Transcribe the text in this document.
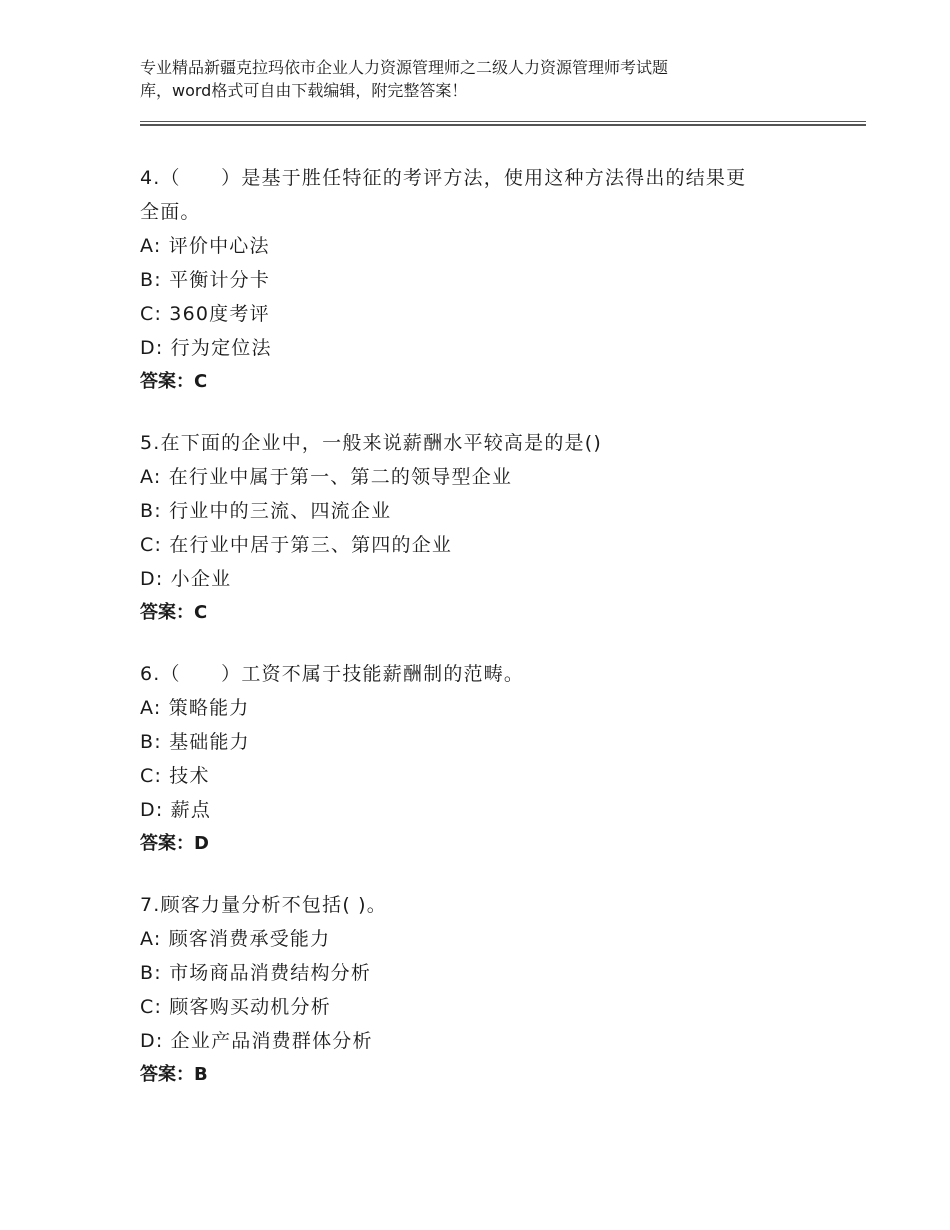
专业精品新疆克拉玛依市企业人力资源管理师之二级人力资源管理师考试题
库，word格式可自由下载编辑，附完整答案！
4.（　　）是基于胜任特征的考评方法，使用这种方法得出的结果更
全面。
A: 评价中心法
B: 平衡计分卡
C: 360度考评
D: 行为定位法
答案：C
5.在下面的企业中，一般来说薪酬水平较高是的是()
A: 在行业中属于第一、第二的领导型企业
B: 行业中的三流、四流企业
C: 在行业中居于第三、第四的企业
D: 小企业
答案：C
6.（　　）工资不属于技能薪酬制的范畴。
A: 策略能力
B: 基础能力
C: 技术
D: 薪点
答案：D
7.顾客力量分析不包括( )。
A: 顾客消费承受能力
B: 市场商品消费结构分析
C: 顾客购买动机分析
D: 企业产品消费群体分析
答案：B
